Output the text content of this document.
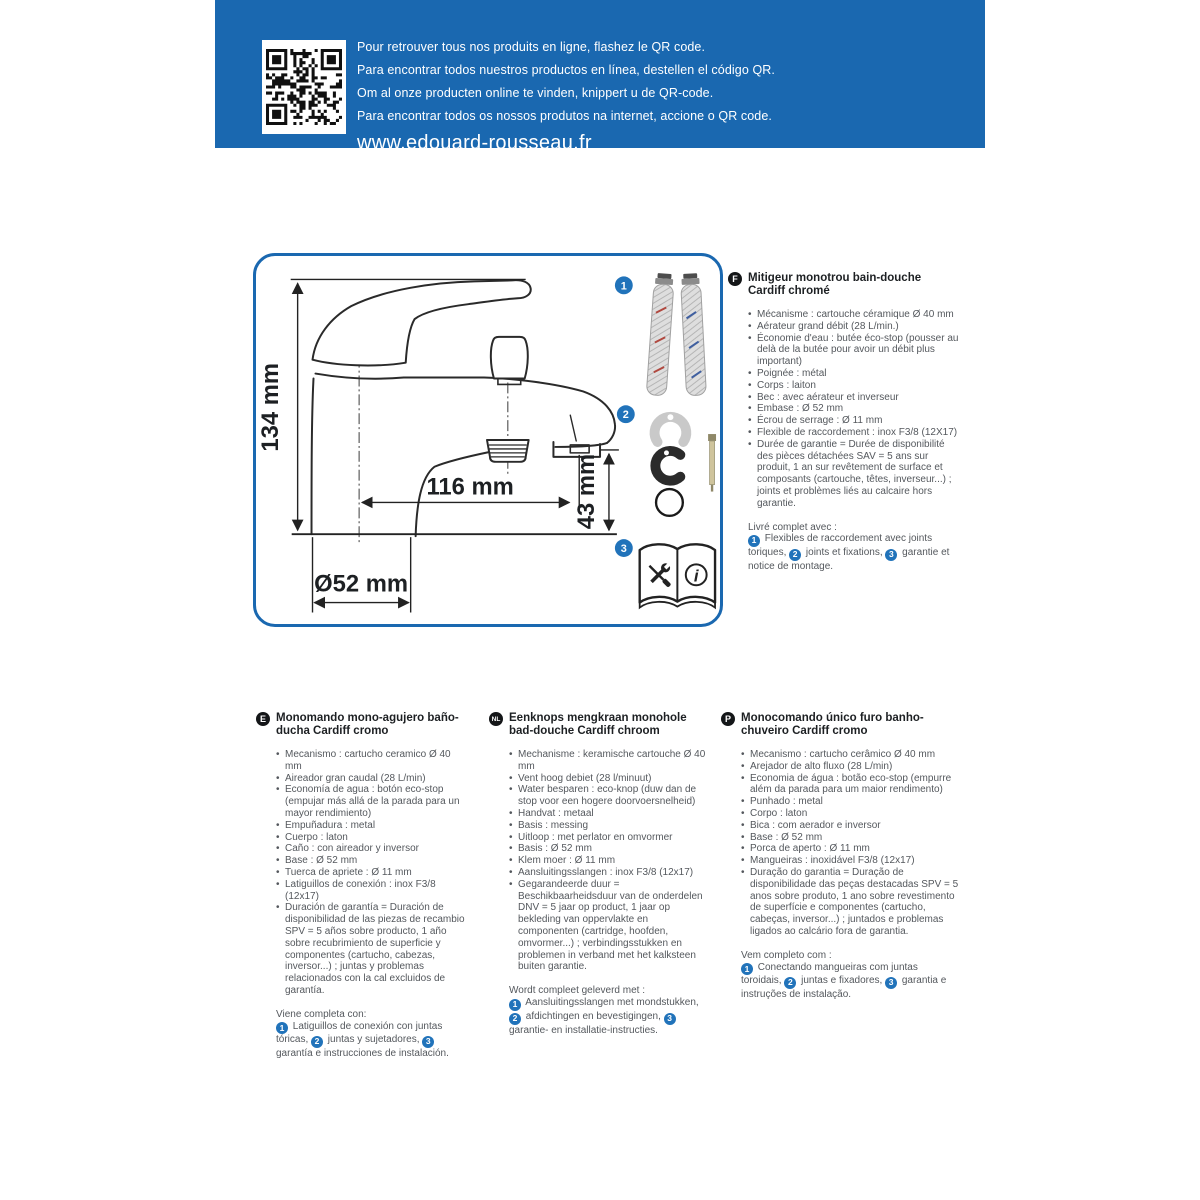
Pour retrouver tous nos produits en ligne, flashez le QR code.
Para encontrar todos nuestros productos en línea, destellen el código QR.
Om al onze producten online te vinden, knippert u de QR-code.
Para encontrar todos os nossos produtos na internet, accione o QR code.
www.edouard-rousseau.fr
134 mm
116 mm 43 mm
Ø52 mm
1
2
3
i
F Mitigeur monotrou bain-douche Cardiff chromé
• Mécanisme : cartouche céramique Ø 40 mm
• Aérateur grand débit (28 L/min.)
• Économie d'eau : butée éco-stop (pousser au delà de la butée pour avoir un débit plus important)
• Poignée : métal
• Corps : laiton
• Bec : avec aérateur et inverseur
• Embase : Ø 52 mm
• Écrou de serrage : Ø 11 mm
• Flexible de raccordement : inox F3/8 (12X17)
• Durée de garantie = Durée de disponibilité des pièces détachées SAV = 5 ans sur produit, 1 an sur revêtement de surface et composants (cartouche, têtes, inverseur...) ; joints et problèmes liés au calcaire hors garantie.
Livré complet avec :

1 Flexibles de raccordement avec joints toriques, 2 joints et fixations, 3 garantie et notice de montage.

E Monomando mono-agujero baño-ducha Cardiff cromo
• Mecanismo : cartucho ceramico Ø 40 mm
• Aireador gran caudal (28 L/min)
• Economía de agua : botón eco-stop (empujar más allá de la parada para un mayor rendimiento)
• Empuñadura : metal
• Cuerpo : laton
• Caño : con aireador y inversor
• Base : Ø 52 mm
• Tuerca de apriete : Ø 11 mm
• Latiguillos de conexión : inox F3/8 (12x17)
• Duración de garantía = Duración de disponibilidad de las piezas de recambio SPV = 5 años sobre producto, 1 año sobre recubrimiento de superficie y componentes (cartucho, cabezas, inversor...) ; juntas y problemas relacionados con la cal excluidos de garantía.
Viene completa con:

1 Latiguillos de conexión con juntas tóricas, 2 juntas y sujetadores, 3 garantía e instrucciones de instalación.

NL Eenknops mengkraan monohole bad-douche Cardiff chroom
• Mechanisme : keramische cartouche Ø 40 mm
• Vent hoog debiet (28 l/minuut)
• Water besparen : eco-knop (duw dan de stop voor een hogere doorvoersnelheid)
• Handvat : metaal
• Basis : messing
• Uitloop : met perlator en omvormer
• Basis : Ø 52 mm
• Klem moer : Ø 11 mm
• Aansluitingsslangen : inox F3/8 (12x17)
• Gegarandeerde duur = Beschikbaarheidsduur van de onderdelen DNV = 5 jaar op product, 1 jaar op bekleding van oppervlakte en componenten (cartridge, hoofden, omvormer...) ; verbindingsstukken en problemen in verband met het kalksteen buiten garantie.
Wordt compleet geleverd met :

1 Aansluitingsslangen met mondstukken, 2 afdichtingen en bevestigingen, 3 garantie- en installatie-instructies.

P Monocomando único furo banho-chuveiro Cardiff cromo
• Mecanismo : cartucho cerâmico Ø 40 mm
• Arejador de alto fluxo (28 L/min)
• Economia de água : botão eco-stop (empurre além da parada para um maior rendimento)
• Punhado : metal
• Corpo : laton
• Bica : com aerador e inversor
• Base : Ø 52 mm
• Porca de aperto : Ø 11 mm
• Mangueiras : inoxidável F3/8 (12x17)
• Duração do garantia = Duração de disponibilidade das peças destacadas SPV = 5 anos sobre produto, 1 ano sobre revestimento de superfície e componentes (cartucho, cabeças, inversor...) ; juntados e problemas ligados ao calcário fora de garantia.
Vem completo com :

1 Conectando mangueiras com juntas toroidais, 2 juntas e fixadores, 3 garantia e instruções de instalação.
